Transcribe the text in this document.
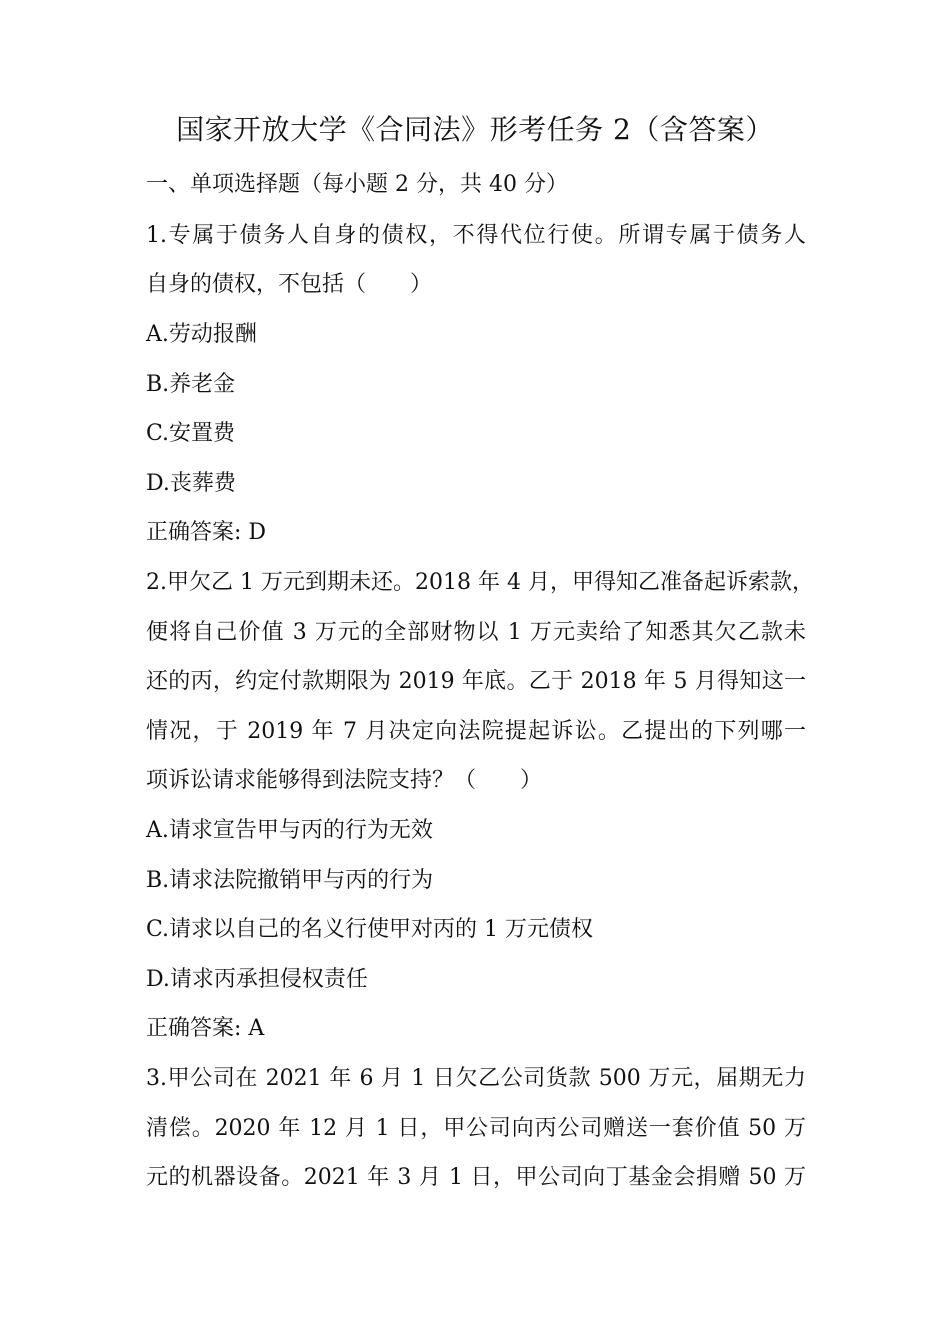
国家开放大学《合同法》形考任务 2（含答案）
一、单项选择题（每小题 2 分，共 40 分）
1.专属于债务人自身的债权，不得代位行使。所谓专属于债务人
自身的债权，不包括（　　）
A.劳动报酬
B.养老金
C.安置费
D.丧葬费
正确答案: D
2.甲欠乙 1 万元到期未还。2018 年 4 月，甲得知乙准备起诉索款，
便将自己价值 3 万元的全部财物以 1 万元卖给了知悉其欠乙款未
还的丙，约定付款期限为 2019 年底。乙于 2018 年 5 月得知这一
情况，于 2019 年 7 月决定向法院提起诉讼。乙提出的下列哪一
项诉讼请求能够得到法院支持？（　　）
A.请求宣告甲与丙的行为无效
B.请求法院撤销甲与丙的行为
C.请求以自己的名义行使甲对丙的 1 万元债权
D.请求丙承担侵权责任
正确答案: A
3.甲公司在 2021 年 6 月 1 日欠乙公司货款 500 万元，届期无力
清偿。2020 年 12 月 1 日，甲公司向丙公司赠送一套价值 50 万
元的机器设备。2021 年 3 月 1 日，甲公司向丁基金会捐赠 50 万
